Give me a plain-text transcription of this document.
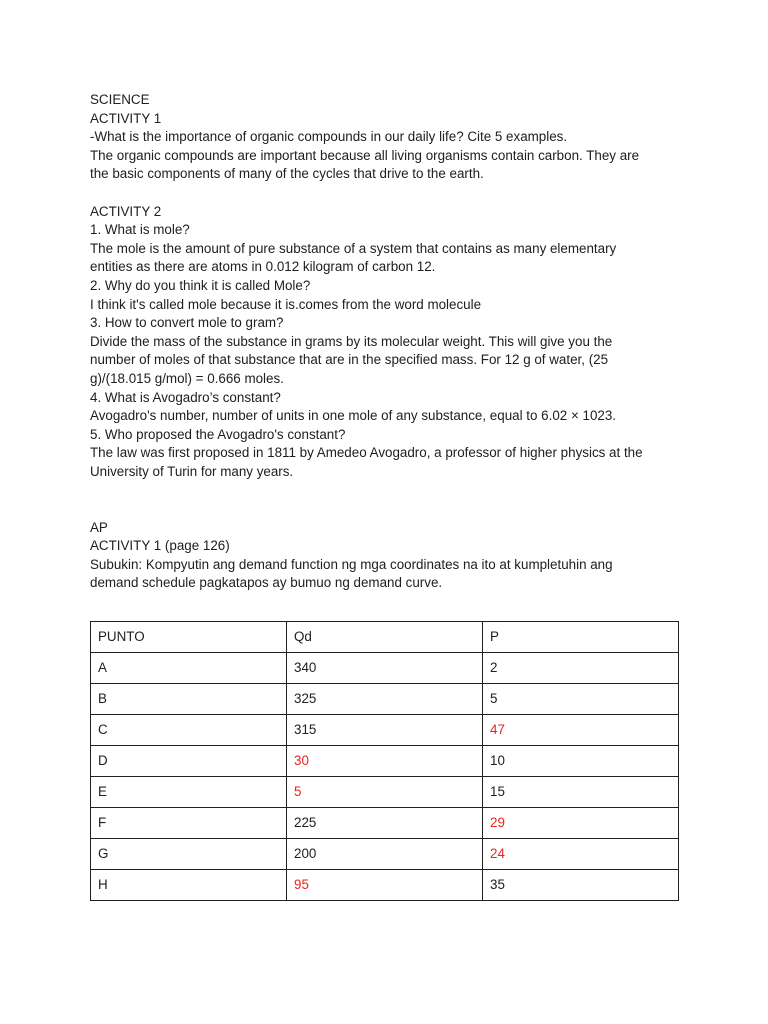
SCIENCE
ACTIVITY 1
-What is the importance of organic compounds in our daily life? Cite 5 examples.
The organic compounds are important because all living organisms contain carbon. They are
the basic components of many of the cycles that drive to the earth.
ACTIVITY 2
1. What is mole?
The mole is the amount of pure substance of a system that contains as many elementary
entities as there are atoms in 0.012 kilogram of carbon 12.
2. Why do you think it is called Mole?
I think it's called mole because it is.comes from the word molecule
3. How to convert mole to gram?
Divide the mass of the substance in grams by its molecular weight. This will give you the
number of moles of that substance that are in the specified mass. For 12 g of water, (25
g)/(18.015 g/mol) = 0.666 moles.
4. What is Avogadro’s constant?
Avogadro's number, number of units in one mole of any substance, equal to 6.02 × 1023.
5. Who proposed the Avogadro's constant?
The law was first proposed in 1811 by Amedeo Avogadro, a professor of higher physics at the
University of Turin for many years.
AP
ACTIVITY 1 (page 126)
Subukin: Kompyutin ang demand function ng mga coordinates na ito at kumpletuhin ang
demand schedule pagkatapos ay bumuo ng demand curve.
PUNTO	Qd	P
A	340	2
B	325	5
C	315	47
D	30	10
E	5	15
F	225	29
G	200	24
H	95	35
